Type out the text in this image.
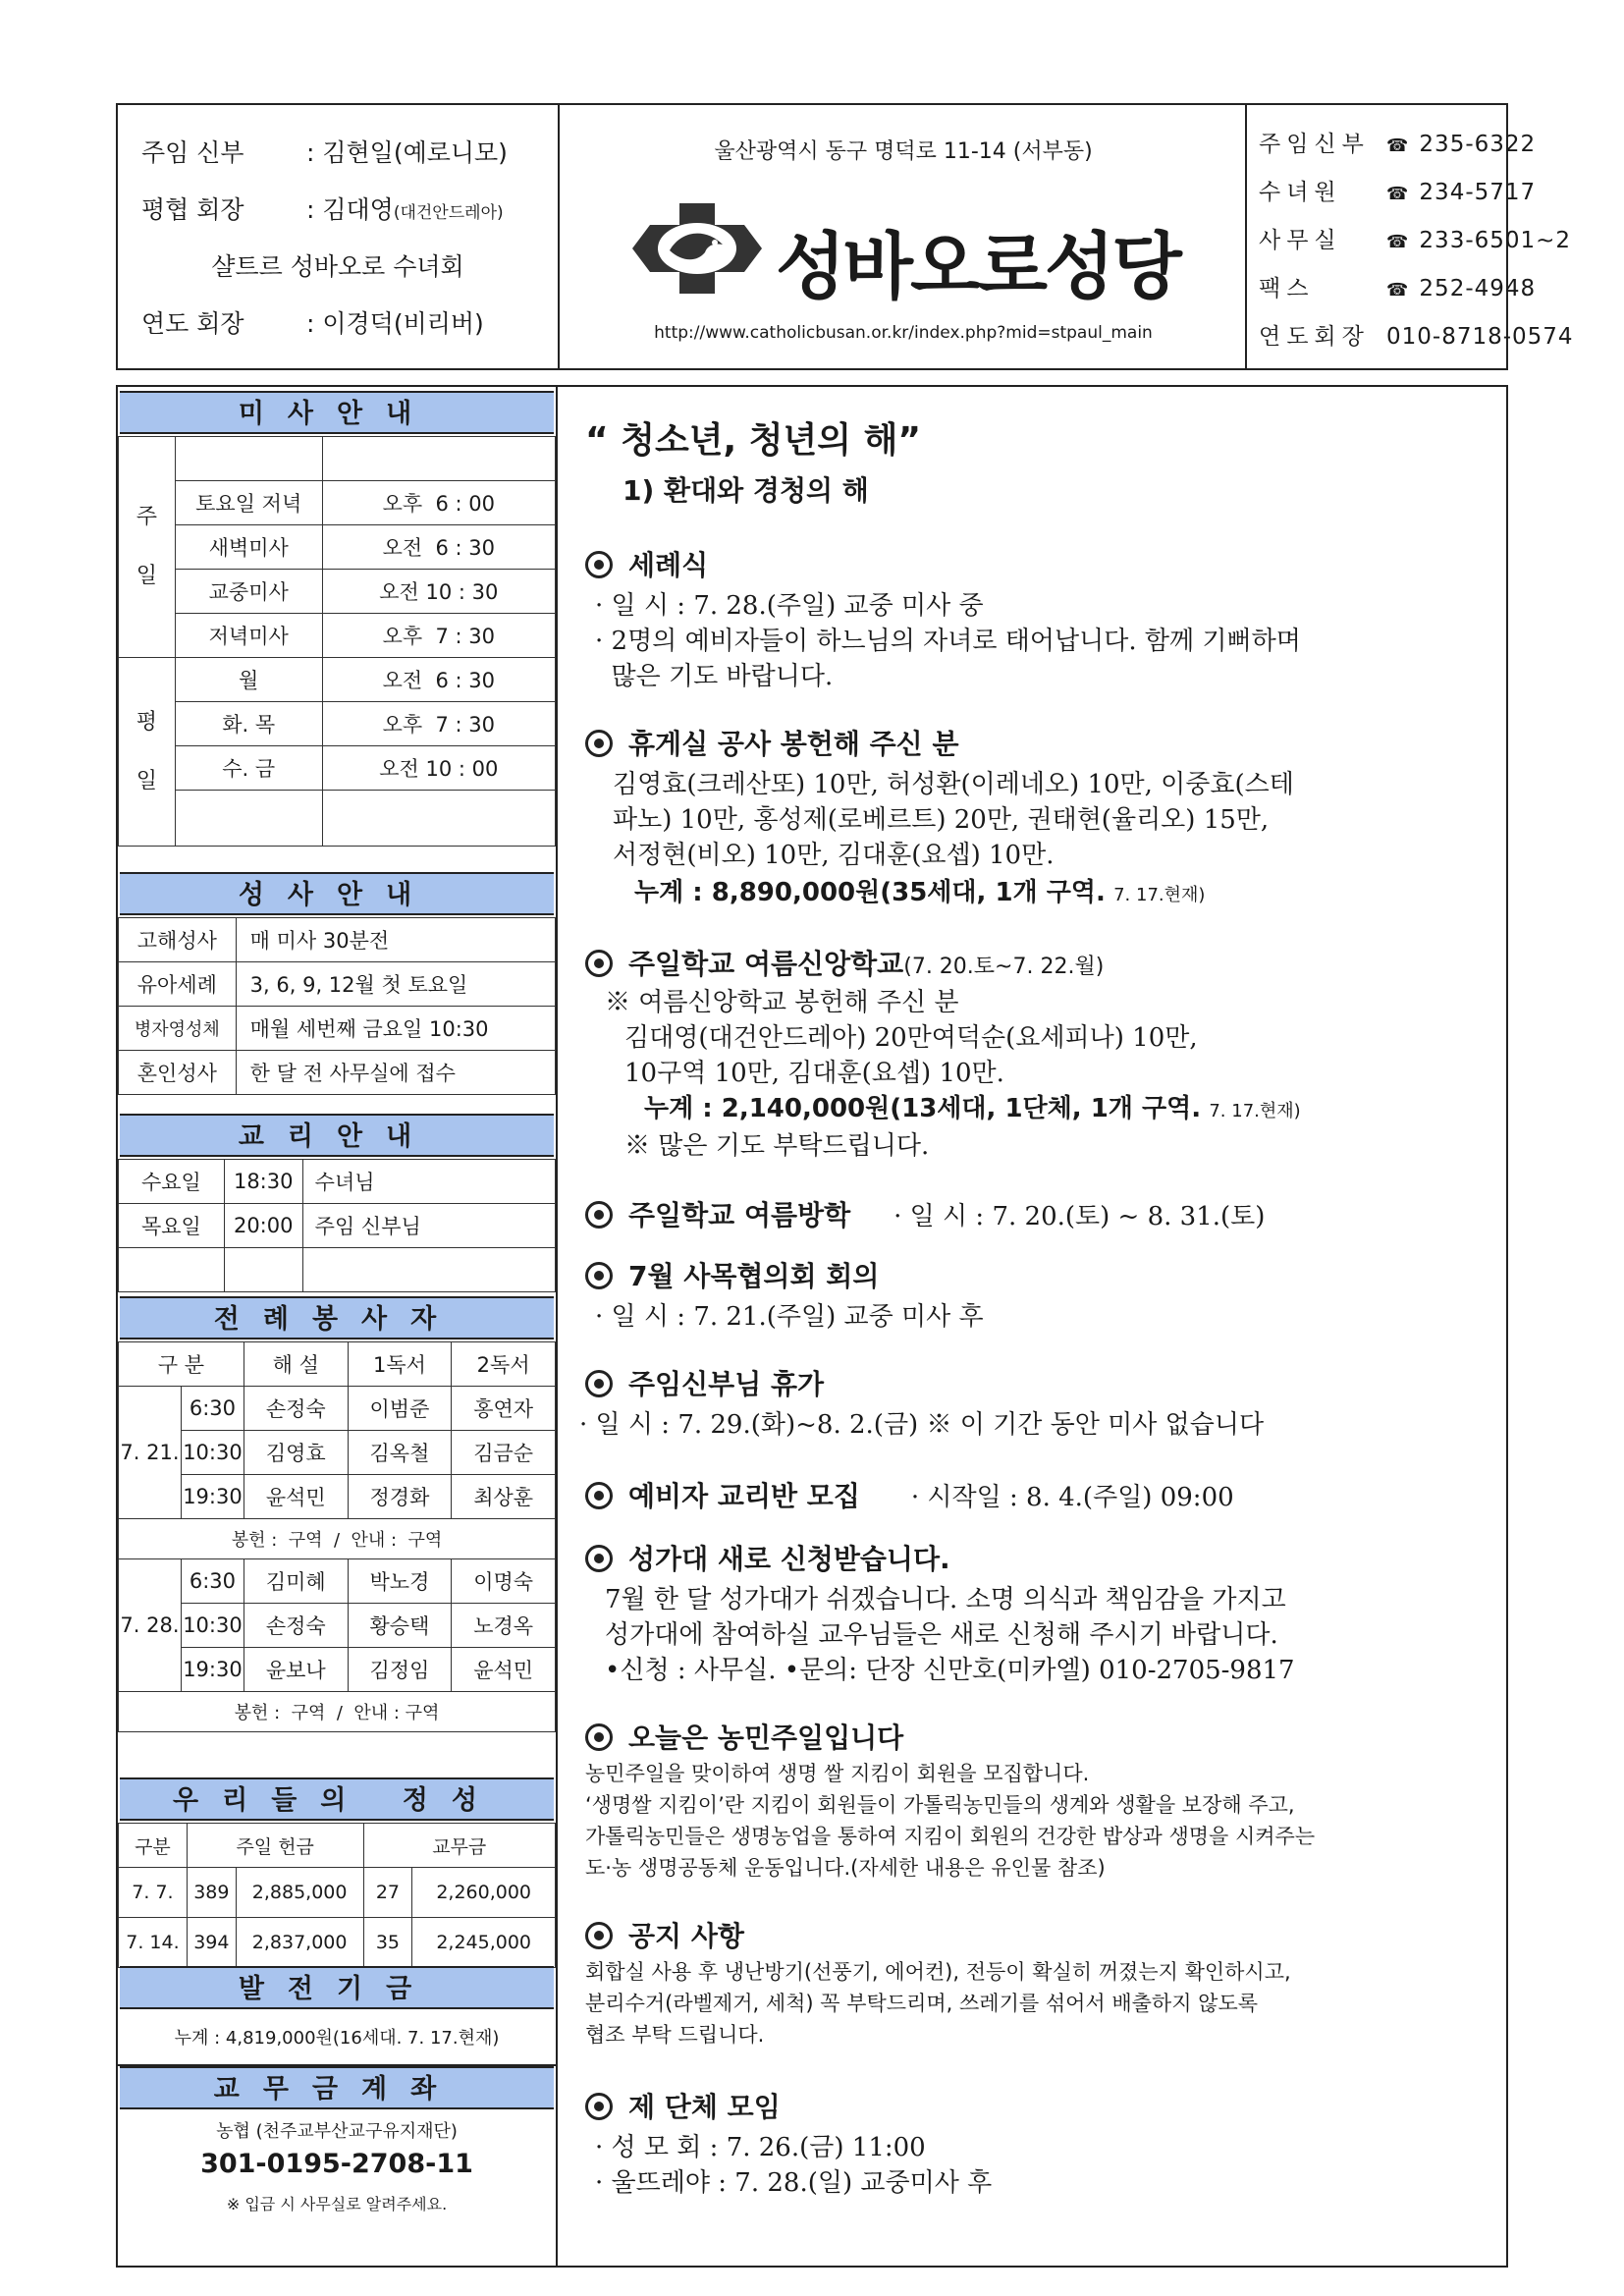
주임 신부	: 김현일(예로니모)
평협 회장	: 김대영(대건안드레아)
샬트르 성바오로 수녀회
연도 회장	: 이경덕(비리버)
울산광역시 동구 명덕로 11-14 (서부동)
성바오로성당
http://www.catholicbusan.or.kr/index.php?mid=stpaul_main
주임신부 ☎ 235-6322
수녀원	☎ 234-5717
사무실	☎ 233-6501~2
팩스	☎ 252-4948
연도회장 010-8718-0574
미사안내
주
일		
	토요일 저녁	오후  6 : 00
	새벽미사	오전  6 : 30
	교중미사	오전 10 : 30
	저녁미사	오후  7 : 30
평
일	월	오전  6 : 30
	화. 목	오후  7 : 30
	수. 금	오전 10 : 00

성사안내
고해성사	매 미사 30분전
유아세례	3, 6, 9, 12월 첫 토요일
병자영성체	매월 세번째 금요일 10:30
혼인성사	한 달 전 사무실에 접수
교리안내
수요일	18:30	수녀님
목요일	20:00	주임 신부님

전례봉사자
구 분		해 설	1독서	2독서
7. 21.	6:30	손정숙	이범준	홍연자
	10:30	김영효	김옥철	김금순
	19:30	윤석민	정경화	최상훈
봉헌 :  구역  /  안내 :  구역				
7. 28.	6:30	김미혜	박노경	이명숙
	10:30	손정숙	황승택	노경옥
	19:30	윤보나	김정임	윤석민
봉헌 :  구역  /  안내 : 구역				
우리들의 정성
구분	주일 헌금		교무금	
7. 7.	389	2,885,000	27	2,260,000
7. 14.	394	2,837,000	35	2,245,000
발전기금
누계 : 4,819,000원(16세대. 7. 17.현재)
교무금계좌
농협 (천주교부산교구유지재단)
301-0195-2708-11
※ 입금 시 사무실로 알려주세요.
“ 청소년, 청년의 해”
1) 환대와 경청의 해
세례식
· 일 시 : 7. 28.(주일) 교중 미사 중
· 2명의 예비자들이 하느님의 자녀로 태어납니다. 함께 기뻐하며
많은 기도 바랍니다.
휴게실 공사 봉헌해 주신 분
김영효(크레산또) 10만, 허성환(이레네오) 10만, 이중효(스테
파노) 10만, 홍성제(로베르트) 20만, 권태현(율리오) 15만,
서정현(비오) 10만, 김대훈(요셉) 10만.
누계 : 8,890,000원(35세대, 1개 구역. 7. 17.현재)
주일학교 여름신앙학교(7. 20.토~7. 22.월)
※ 여름신앙학교 봉헌해 주신 분
김대영(대건안드레아) 20만여덕순(요세피나) 10만,
10구역 10만, 김대훈(요셉) 10만.
누계 : 2,140,000원(13세대, 1단체, 1개 구역. 7. 17.현재)
※ 많은 기도 부탁드립니다.
주일학교 여름방학 · 일 시 : 7. 20.(토) ~ 8. 31.(토)
7월 사목협의회 회의
· 일 시 : 7. 21.(주일) 교중 미사 후
주임신부님 휴가
· 일 시 : 7. 29.(화)~8. 2.(금) ※ 이 기간 동안 미사 없습니다
예비자 교리반 모집 · 시작일 : 8. 4.(주일) 09:00
성가대 새로 신청받습니다.
7월 한 달 성가대가 쉬겠습니다. 소명 의식과 책임감을 가지고
성가대에 참여하실 교우님들은 새로 신청해 주시기 바랍니다.
•신청 : 사무실. •문의: 단장 신만호(미카엘) 010-2705-9817
오늘은 농민주일입니다
농민주일을 맞이하여 생명 쌀 지킴이 회원을 모집합니다.
‘생명쌀 지킴이’란 지킴이 회원들이 가톨릭농민들의 생계와 생활을 보장해 주고,
가톨릭농민들은 생명농업을 통하여 지킴이 회원의 건강한 밥상과 생명을 시켜주는
도·농 생명공동체 운동입니다.(자세한 내용은 유인물 참조)
공지 사항
회합실 사용 후 냉난방기(선풍기, 에어컨), 전등이 확실히 꺼졌는지 확인하시고,
분리수거(라벨제거, 세척) 꼭 부탁드리며, 쓰레기를 섞어서 배출하지 않도록
협조 부탁 드립니다.
제 단체 모임
· 성 모 회 : 7. 26.(금) 11:00
· 울뜨레야 : 7. 28.(일) 교중미사 후
